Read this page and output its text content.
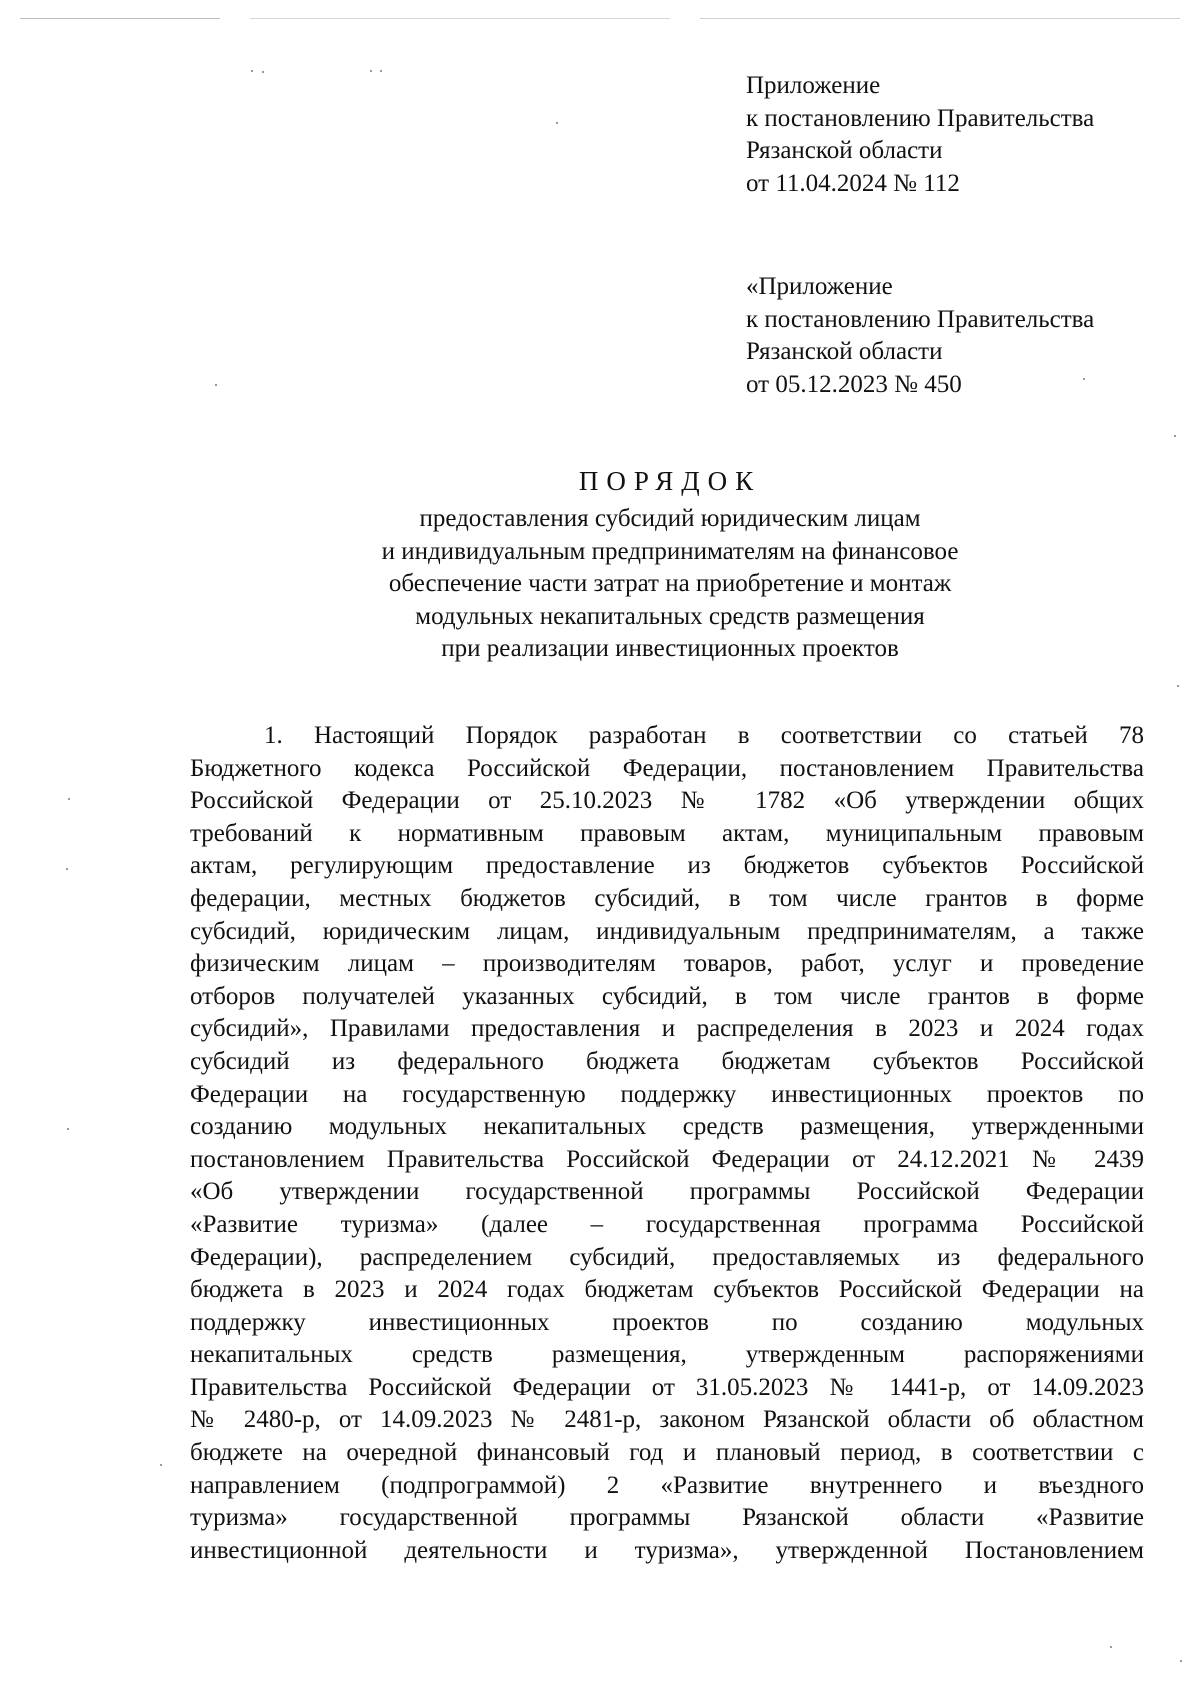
Приложение
к постановлению Правительства
Рязанской области
от 11.04.2024 № 112
«Приложение
к постановлению Правительства
Рязанской области
от 05.12.2023 № 450
ПОРЯДОК
предоставления субсидий юридическим лицам
и индивидуальным предпринимателям на финансовое
обеспечение части затрат на приобретение и монтаж
модульных некапитальных средств размещения
при реализации инвестиционных проектов
1. Настоящий Порядок разработан в соответствии со статьей 78
Бюджетного кодекса Российской Федерации, постановлением Правительства
Российской Федерации от 25.10.2023 № 1782 «Об утверждении общих
требований к нормативным правовым актам, муниципальным правовым
актам, регулирующим предоставление из бюджетов субъектов Российской
федерации, местных бюджетов субсидий, в том числе грантов в форме
субсидий, юридическим лицам, индивидуальным предпринимателям, а также
физическим лицам – производителям товаров, работ, услуг и проведение
отборов получателей указанных субсидий, в том числе грантов в форме
субсидий», Правилами предоставления и распределения в 2023 и 2024 годах
субсидий из федерального бюджета бюджетам субъектов Российской
Федерации на государственную поддержку инвестиционных проектов по
созданию модульных некапитальных средств размещения, утвержденными
постановлением Правительства Российской Федерации от 24.12.2021 № 2439
«Об утверждении государственной программы Российской Федерации
«Развитие туризма» (далее – государственная программа Российской
Федерации), распределением субсидий, предоставляемых из федерального
бюджета в 2023 и 2024 годах бюджетам субъектов Российской Федерации на
поддержку инвестиционных проектов по созданию модульных
некапитальных средств размещения, утвержденным распоряжениями
Правительства Российской Федерации от 31.05.2023 № 1441-р, от 14.09.2023
№ 2480-р, от 14.09.2023 № 2481-р, законом Рязанской области об областном
бюджете на очередной финансовый год и плановый период, в соответствии с
направлением (подпрограммой) 2 «Развитие внутреннего и въездного
туризма» государственной программы Рязанской области «Развитие
инвестиционной деятельности и туризма», утвержденной Постановлением
